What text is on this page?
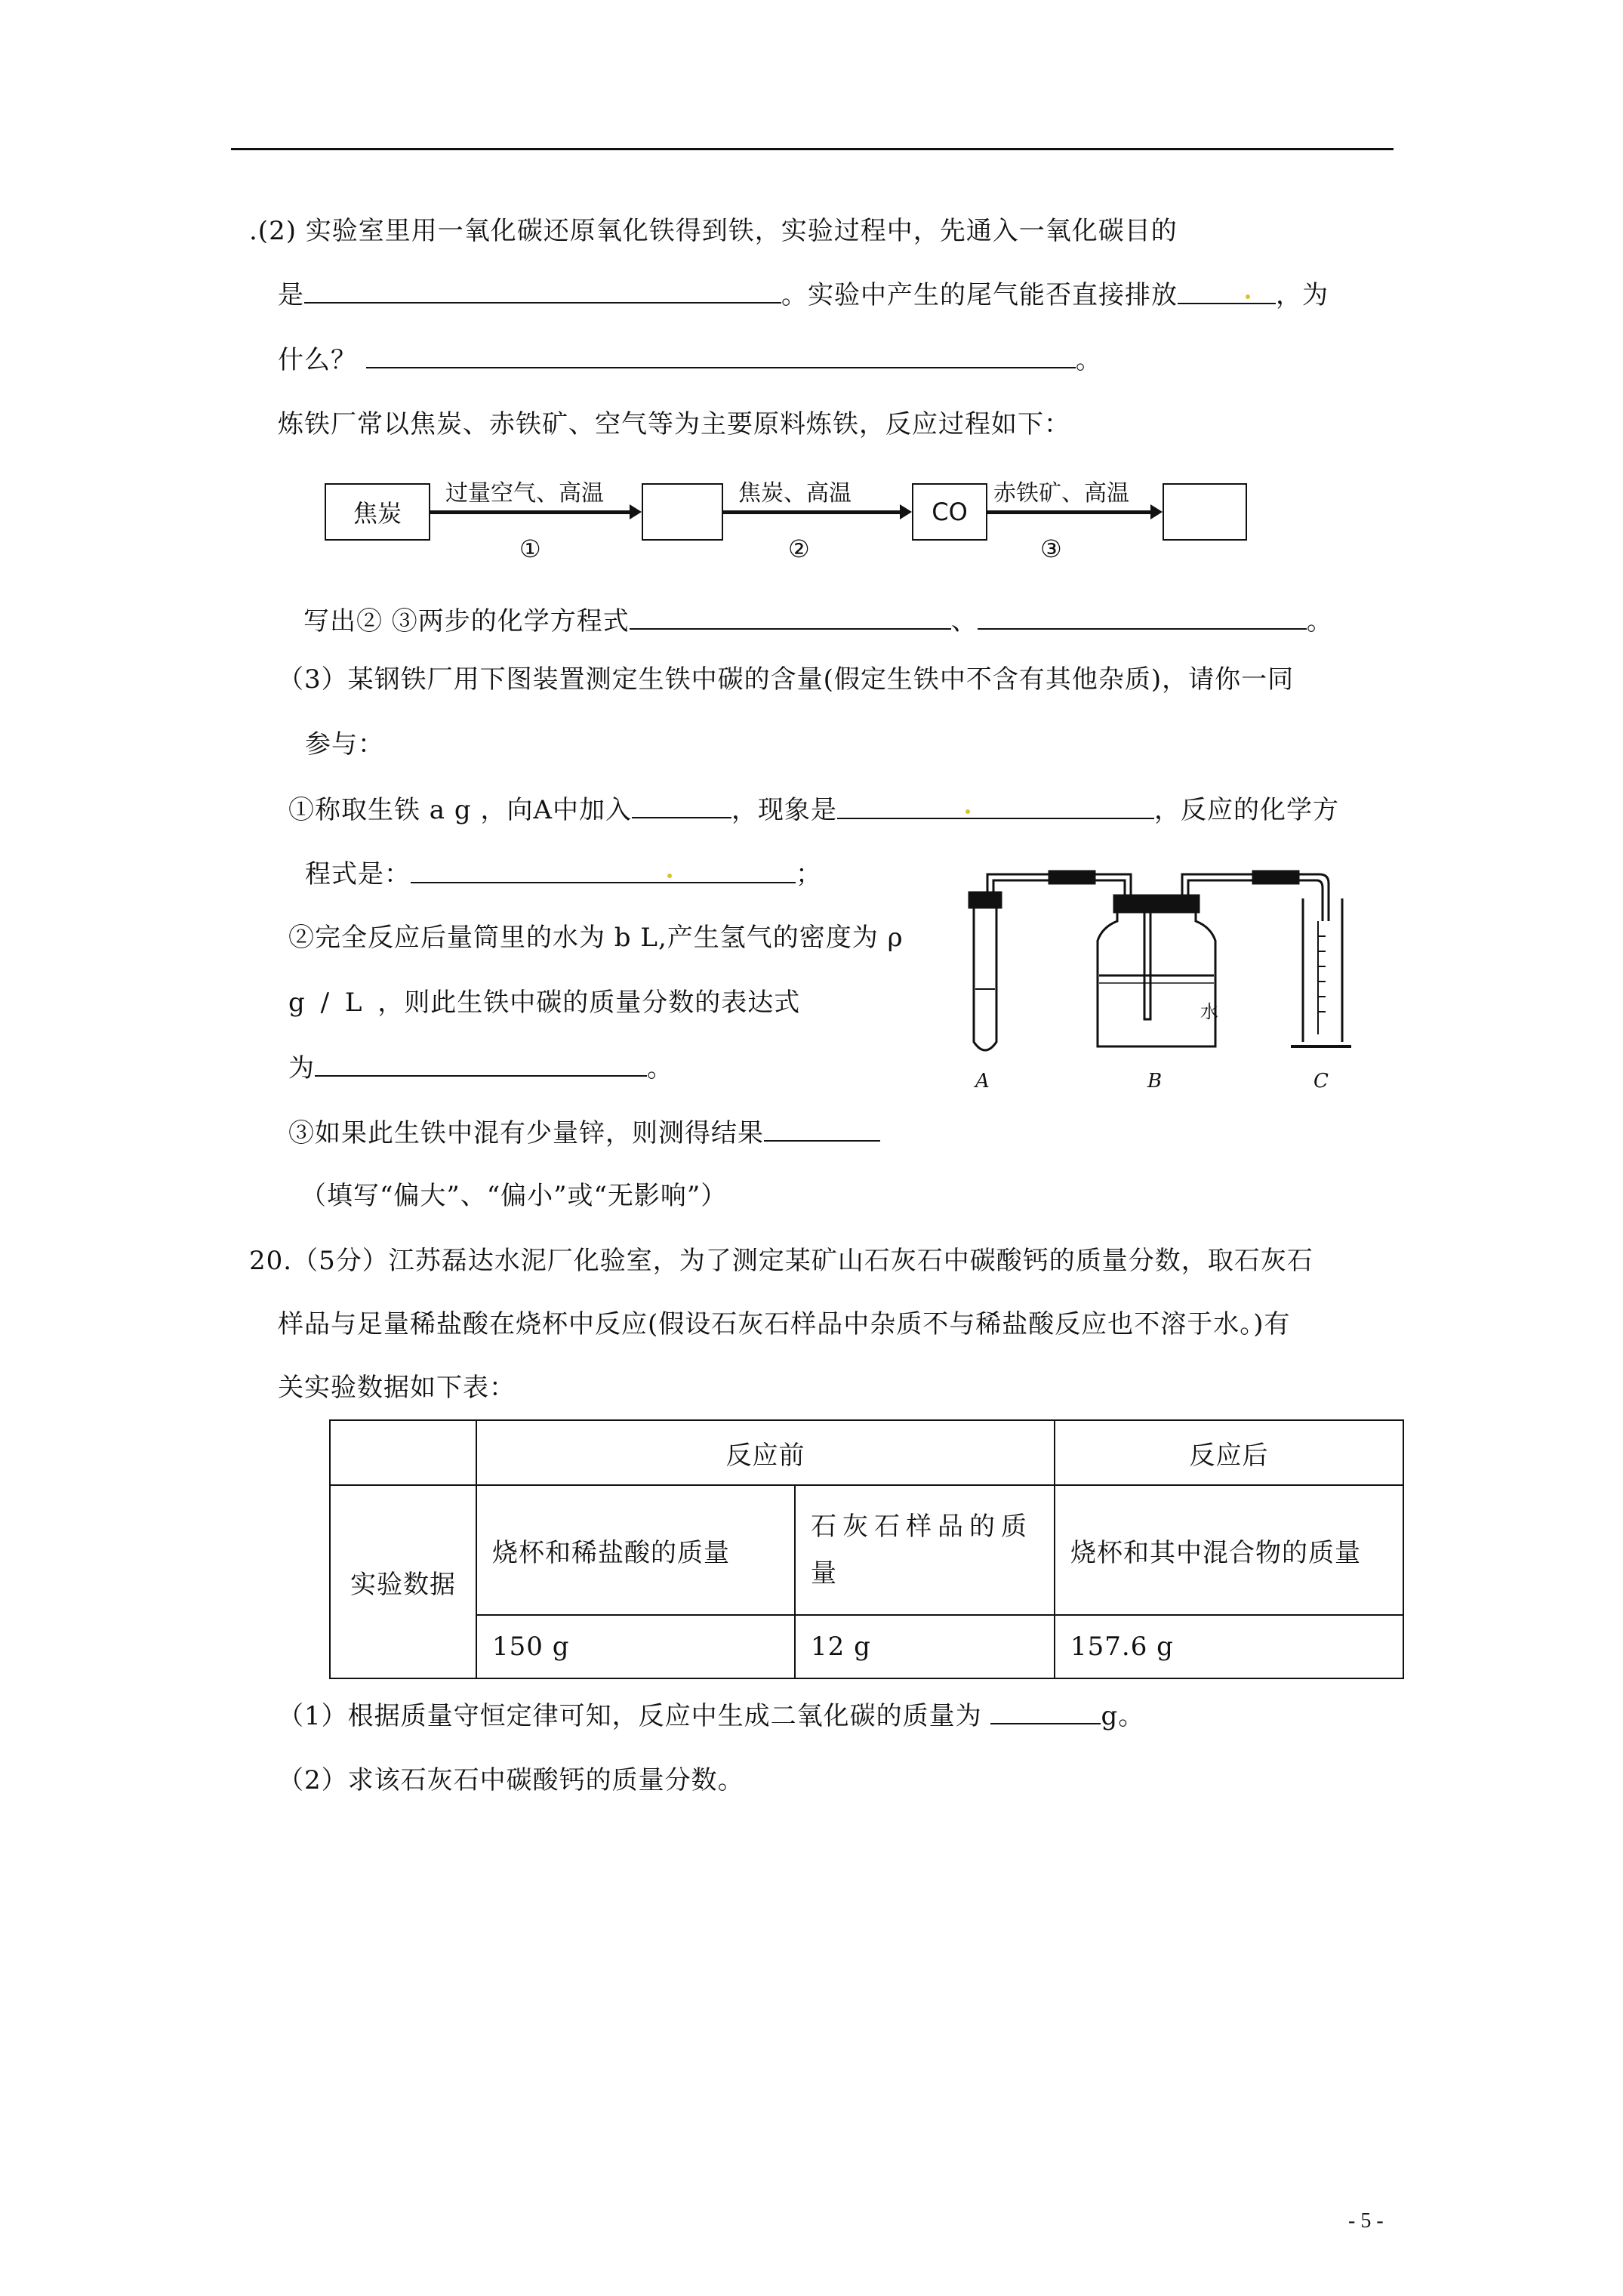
.(2) 实验室里用一氧化碳还原氧化铁得到铁，实验过程中，先通入一氧化碳目的
是	。实验中产生的尾气能否直接排放	，为
什么？	。
炼铁厂常以焦炭、赤铁矿、空气等为主要原料炼铁，反应过程如下：
焦炭
过量空气、高温
①
焦炭、高温
②
CO
赤铁矿、高温
③
写出② ③两步的化学方程式	、	。
（3）某钢铁厂用下图装置测定生铁中碳的含量(假定生铁中不含有其他杂质)，请你一同
参与：
①称取生铁 a g ，向A中加入	，现象是	，反应的化学方
程式是：	；
②完全反应后量筒里的水为 b L,产生氢气的密度为 ρ
g / L ，则此生铁中碳的质量分数的表达式
为	。
③如果此生铁中混有少量锌，则测得结果
（填写“偏大”、“偏小”或“无影响”）
A	B	C
水
20.（5分）江苏磊达水泥厂化验室，为了测定某矿山石灰石中碳酸钙的质量分数，取石灰石
样品与足量稀盐酸在烧杯中反应(假设石灰石样品中杂质不与稀盐酸反应也不溶于水。)有
关实验数据如下表：
	反应前		反应后
实验数据	烧杯和稀盐酸的质量	石灰石样品的质
量	烧杯和其中混合物的质量
	150 g	12 g	157.6 g
（1）根据质量守恒定律可知，反应中生成二氧化碳的质量为	g。
（2）求该石灰石中碳酸钙的质量分数。
- 5 -
